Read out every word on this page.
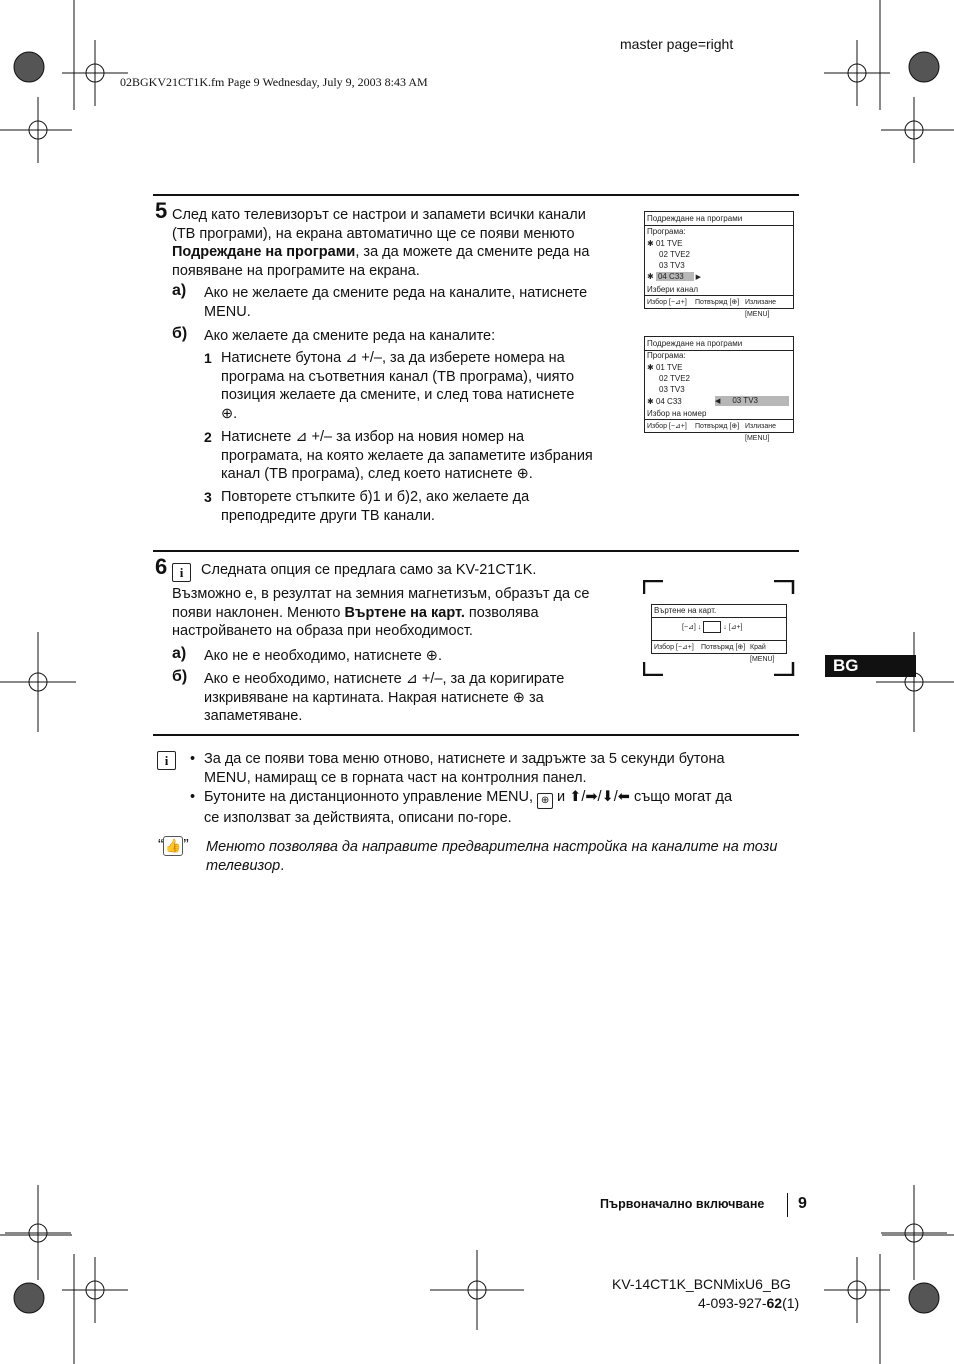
master page=right
02BGKV21CT1K.fm Page 9 Wednesday, July 9, 2003 8:43 AM
BG
5 След като телевизорът се настрои и запамети всички канали
(ТВ програми), на екрана автоматично ще се появи менюто
Подреждане на програми, за да можете да смените реда на
появяване на програмите на екрана.
а) Ако не желаете да смените реда на каналите, натиснете
MENU.
б) Ако желаете да смените реда на каналите:
1 Натиснете бутона ⊿ +/–, за да изберете номера на
програма на съответния канал (ТВ програма), чиято
позиция желаете да смените, и след това натиснете
⊕.
2 Натиснете ⊿ +/– за избор на новия номер на
програмата, на която желаете да запаметите избрания
канал (ТВ програма), след което натиснете ⊕.
3 Повторете стъпките б)1 и б)2, ако желаете да
преподредите други ТВ канали.
Подреждане на програми
Програма:
✱ 01 TVE
02 TVE2
03 TV3
✱ 04 C33 ▶
Избери канал
Избор [−⊿+] Потвържд [⊕] Излизане [MENU]
Подреждане на програми
Програма:
✱ 01 TVE
02 TVE2
03 TV3
✱ 04 C33	◀ 03 TV3
Избор на номер
Избор [−⊿+] Потвържд [⊕] Излизане [MENU]
6 i Следната опция се предлага само за KV-21CT1K.
Възможно е, в резултат на земния магнетизъм, образът да се
появи наклонен. Менюто Въртене на карт. позволява
настройването на образа при необходимост.
а) Ако не е необходимо, натиснете ⊕.
б) Ако е необходимо, натиснете ⊿ +/–, за да коригирате
изкривяване на картината. Накрая натиснете ⊕ за
запаметяване.
Въртене на карт.
[−⊿] ↓	↓ [⊿+]
Избор [−⊿+] Потвържд [⊕] Край [MENU]
i	• За да се появи това меню отново, натиснете и задръжте за 5 секунди бутона
MENU, намиращ се в горната част на контролния панел.
• Бутоните на дистанционното управление MENU, ⊕ и ⬆/➡/⬇/⬅ също могат да
се използват за действията, описани по-горе.
“ 👍 ” Менюто позволява да направите предварителна настройка на каналите на този
телевизор.
Първоначално включване 9
KV-14CT1K_BCNMixU6_BG
4-093-927-62(1)
